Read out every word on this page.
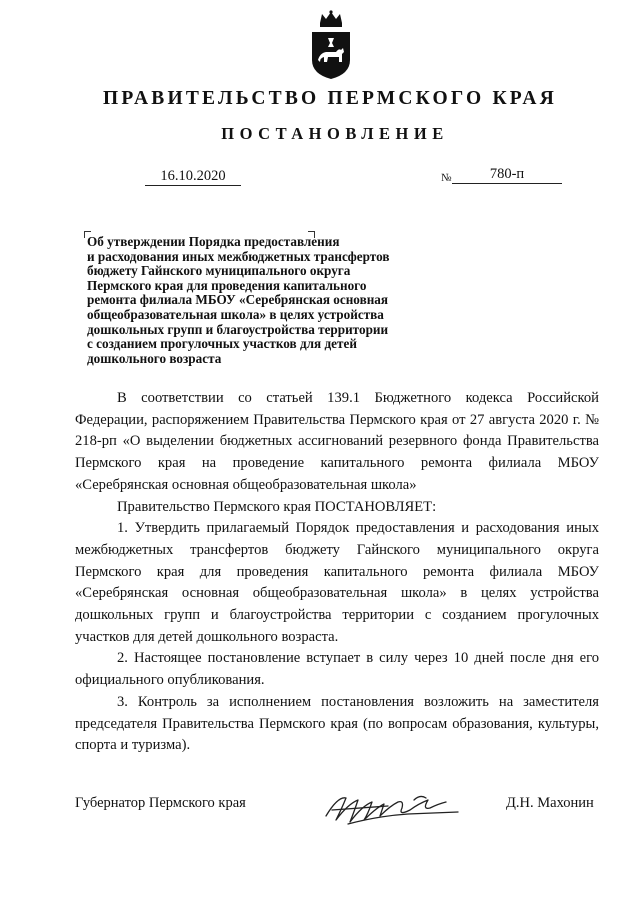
ПРАВИТЕЛЬСТВО ПЕРМСКОГО КРАЯ
ПОСТАНОВЛЕНИЕ
16.10.2020	№	780-п
Об утверждении Порядка предоставления
и расходования иных межбюджетных трансфертов
бюджету Гайнского муниципального округа
Пермского края для проведения капитального
ремонта филиала МБОУ «Серебрянская основная
общеобразовательная школа» в целях устройства
дошкольных групп и благоустройства территории
с созданием прогулочных участков для детей
дошкольного возраста

В соответствии со статьей 139.1 Бюджетного кодекса Российской Федерации, распоряжением Правительства Пермского края от 27 августа 2020 г. № 218-рп «О выделении бюджетных ассигнований резервного фонда Правительства Пермского края на проведение капитального ремонта филиала МБОУ «Серебрянская основная общеобразовательная школа»

Правительство Пермского края ПОСТАНОВЛЯЕТ:

1. Утвердить прилагаемый Порядок предоставления и расходования иных межбюджетных трансфертов бюджету Гайнского муниципального округа Пермского края для проведения капитального ремонта филиала МБОУ «Серебрянская основная общеобразовательная школа» в целях устройства дошкольных групп и благоустройства территории с созданием прогулочных участков для детей дошкольного возраста.

2. Настоящее постановление вступает в силу через 10 дней после дня его официального опубликования.

3. Контроль за исполнением постановления возложить на заместителя председателя Правительства Пермского края (по вопросам образования, культуры, спорта и туризма).

Губернатор Пермского края	Д.Н. Махонин
